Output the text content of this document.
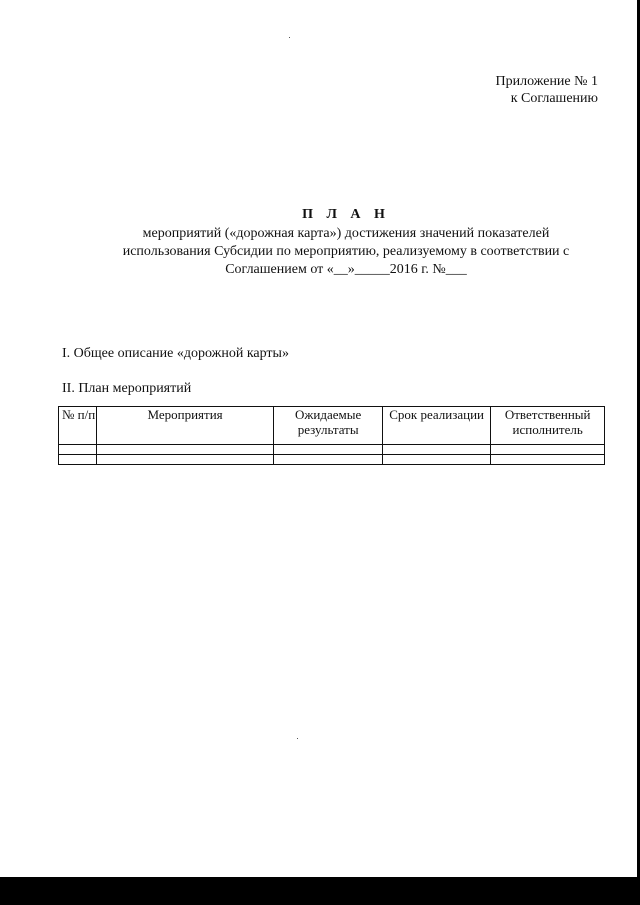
Приложение № 1
к Соглашению
П Л А Н
мероприятий («дорожная карта») достижения значений показателей
использования Субсидии по мероприятию, реализуемому в соответствии с
Соглашением от «__»_____2016 г. №___
I. Общее описание «дорожной карты»
II. План мероприятий
№ п/п	Мероприятия	Ожидаемые результаты	Срок реализации	Ответственный исполнитель
